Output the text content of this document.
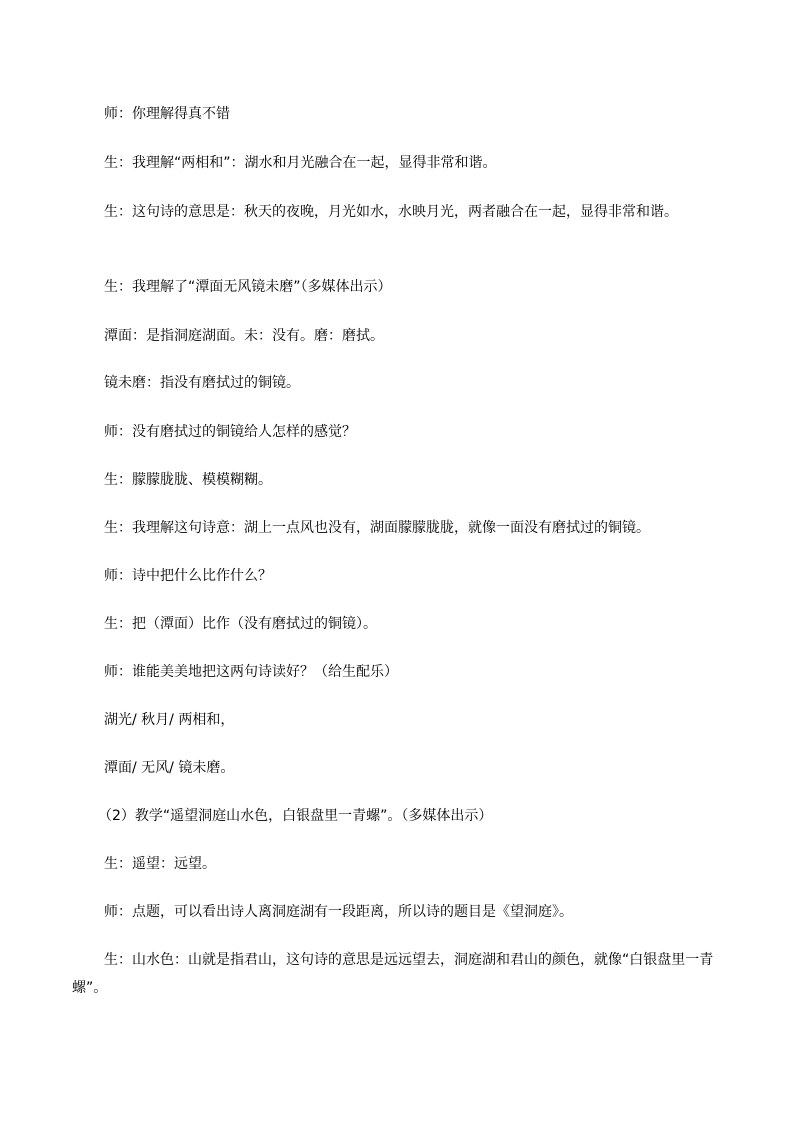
师：你理解得真不错

生：我理解“两相和”：湖水和月光融合在一起，显得非常和谐。

生：这句诗的意思是：秋天的夜晚，月光如水，水映月光，两者融合在一起，显得非常和谐。

生：我理解了“潭面无风镜未磨”（多媒体出示）

潭面：是指洞庭湖面。未：没有。磨：磨拭。

镜未磨：指没有磨拭过的铜镜。

师：没有磨拭过的铜镜给人怎样的感觉？

生：朦朦胧胧、模模糊糊。

生：我理解这句诗意：湖上一点风也没有，湖面朦朦胧胧，就像一面没有磨拭过的铜镜。

师：诗中把什么比作什么？

生：把（潭面）比作（没有磨拭过的铜镜）。

师：谁能美美地把这两句诗读好？（给生配乐）

湖光/ 秋月/ 两相和，

潭面/ 无风/ 镜未磨。

（2）教学“遥望洞庭山水色，白银盘里一青螺”。（多媒体出示）

生：遥望：远望。

师：点题，可以看出诗人离洞庭湖有一段距离，所以诗的题目是《望洞庭》。

生：山水色：山就是指君山，这句诗的意思是远远望去，洞庭湖和君山的颜色，就像“白银盘里一青螺”。
